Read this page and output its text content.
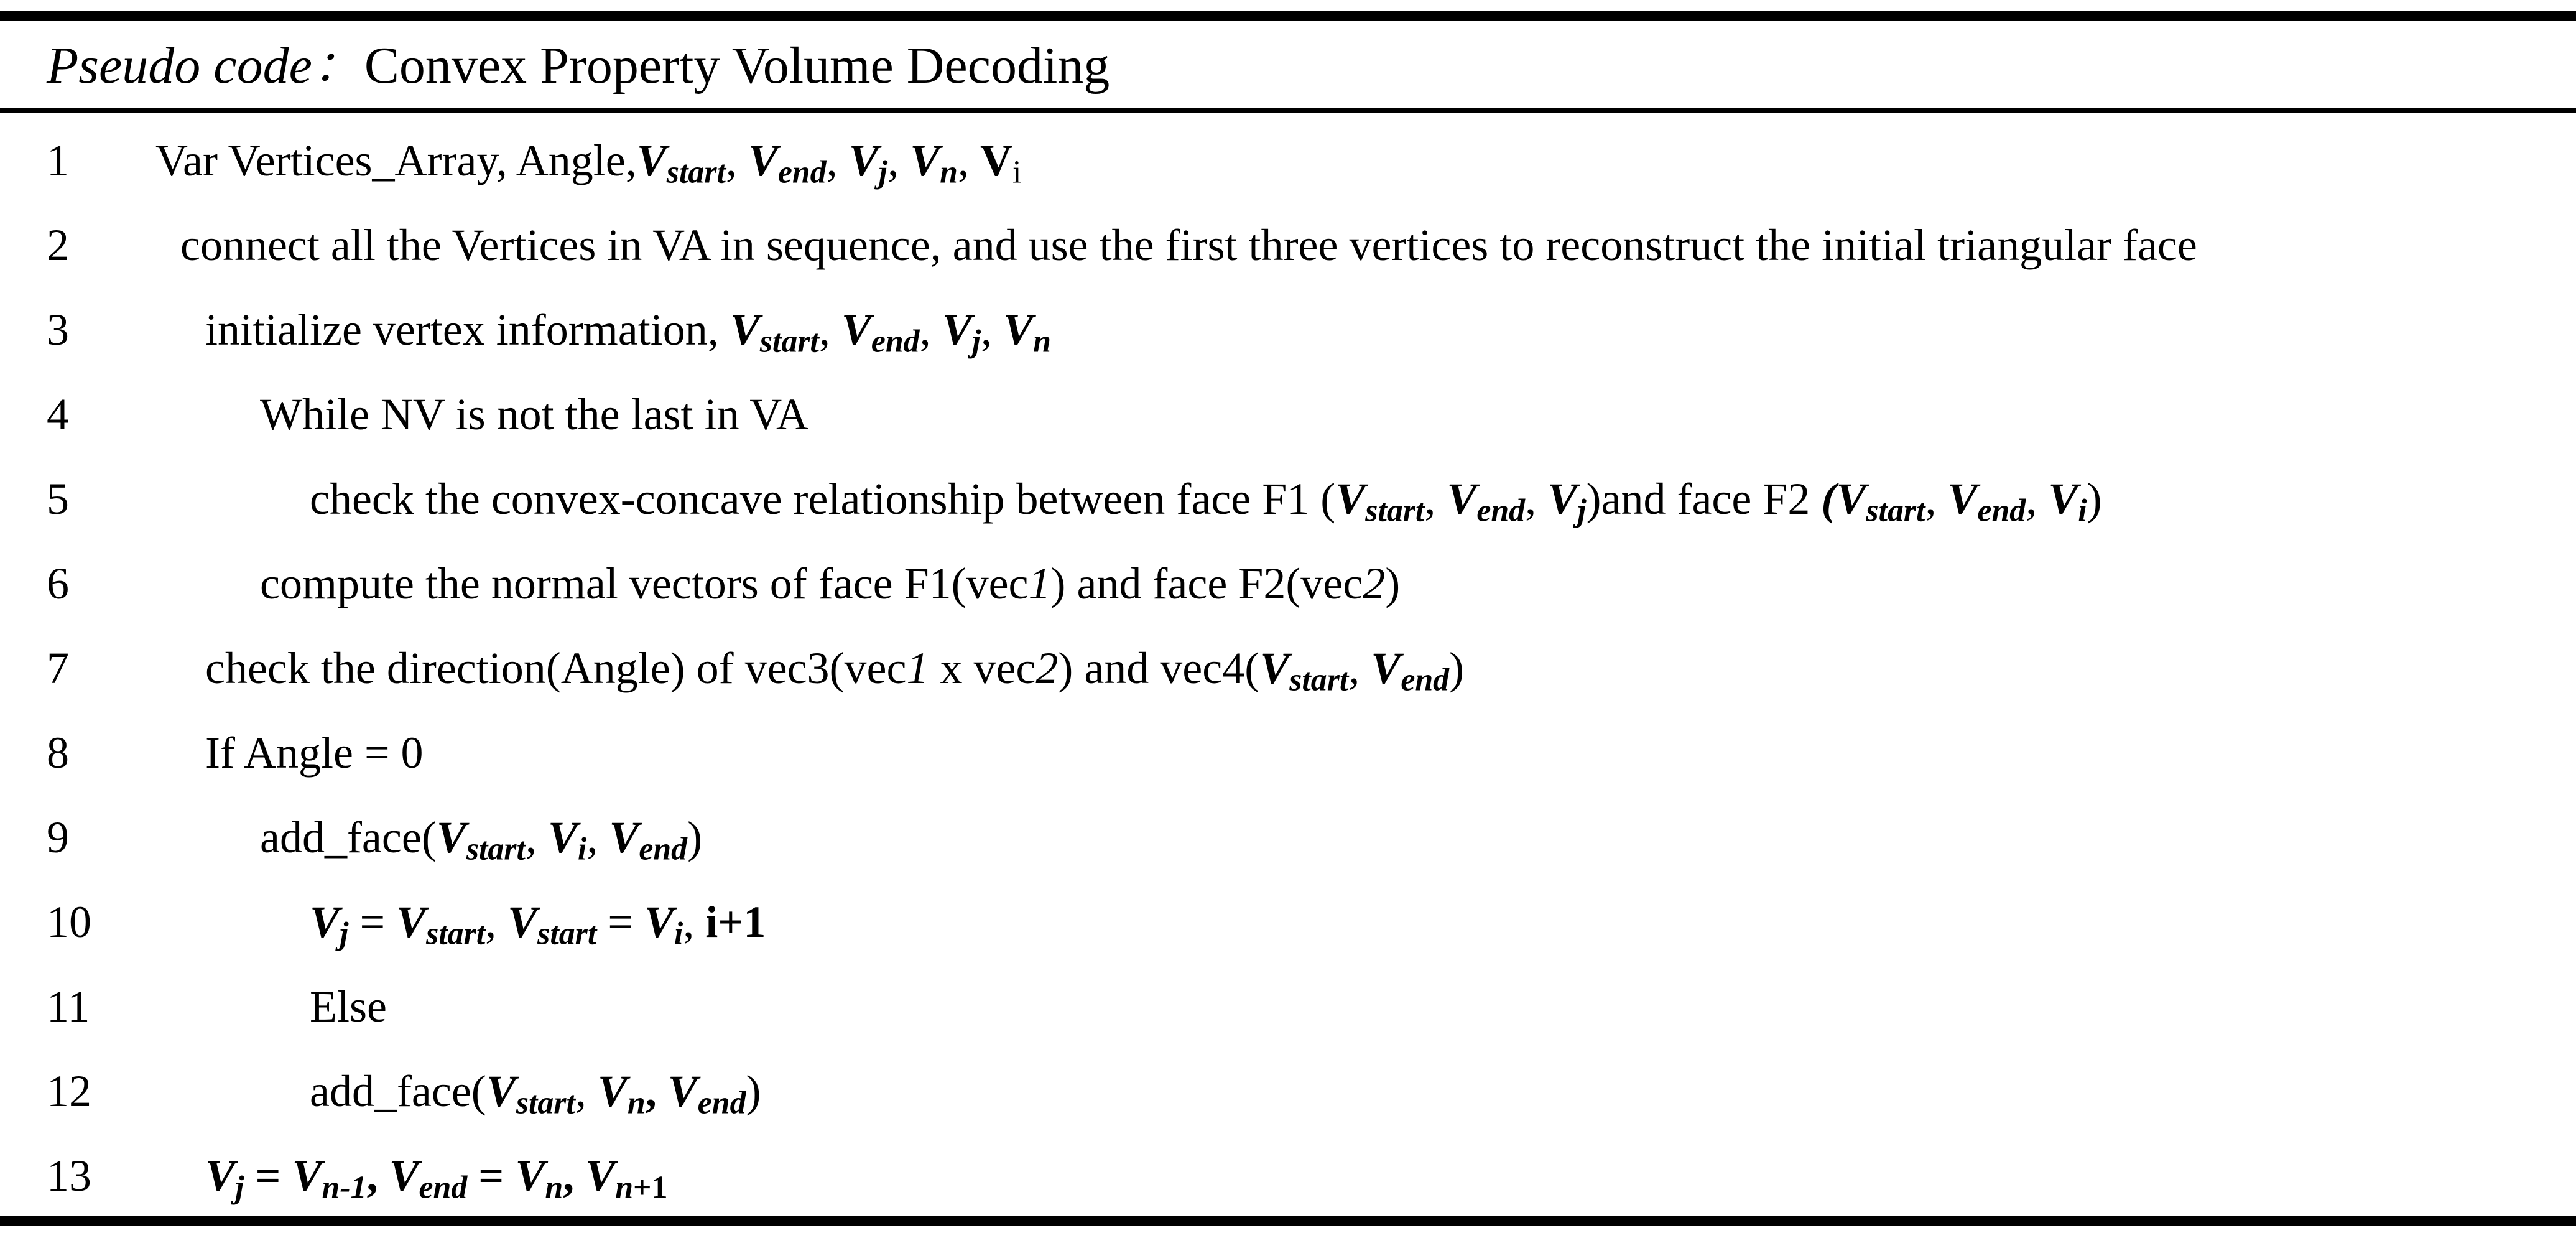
Pseudo code：Convex Property Volume Decoding
1 Var Vertices_Array, $Angle,V_{start}$, $V_{end}$, $V_j$, $V_n$, $V_i$
2 connect all the Vertices in VA in sequence, and use the first three vertices to reconstruct the initial triangular face
3	initialize vertex information, $V_{start}$, $V_{end}$, $V_j$, $V_n$
4	While NV is not the last in VA
5	check the convex-concave relationship between face F1 ($V_{start}$, $V_{end}$, $V_j)and$ face F2 ($V_{start}$, $V_{end}$, $V_i$)
6	compute the normal vectors of face F1(vec1) and face F2(vec2)
7	check the direction(Angle) of vec3(vec1 x vec2) and $vec4(V_{start}$, $V_{end}$)
8	If Angle = 0
9	$add\_face(V_{start}$, $V_i$, $V_{end}$)
10	$V_j = V_{start}$, $V_{start} = V_i$, i+1
11	Else
12	$add\_face(V_{start}$, $V_n$, $V_{end}$)
13	$V_j = V_{n-1}$, $V_{end} = V_n$, $V_{n+1}$
